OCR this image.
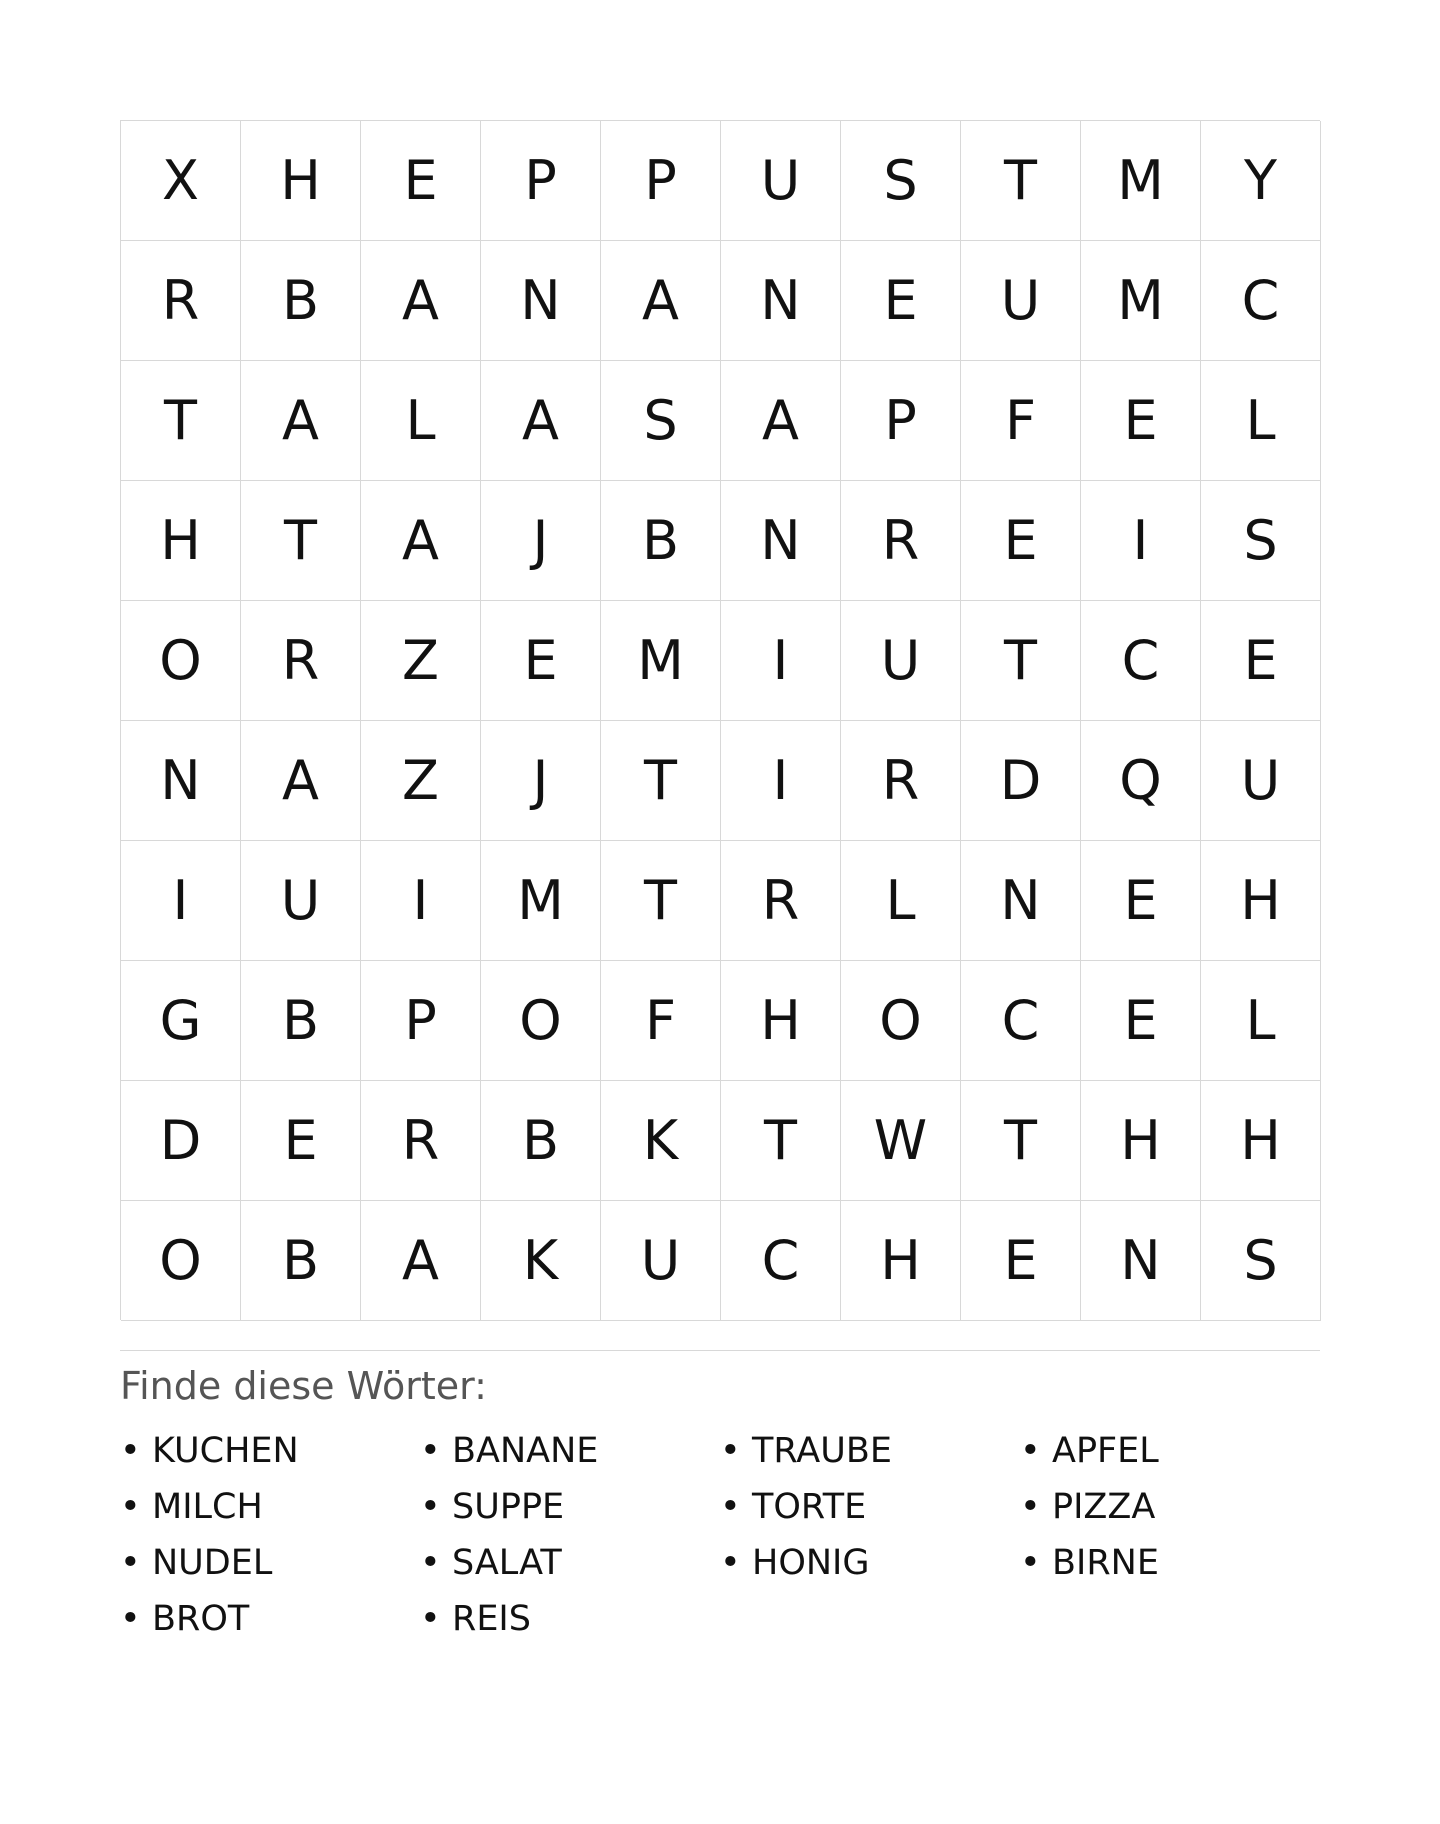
X	H	E	P	P	U	S	T	M	Y
R	B	A	N	A	N	E	U	M	C
T	A	L	A	S	A	P	F	E	L
H	T	A	J	B	N	R	E	I	S
O	R	Z	E	M	I	U	T	C	E
N	A	Z	J	T	I	R	D	Q	U
I	U	I	M	T	R	L	N	E	H
G	B	P	O	F	H	O	C	E	L
D	E	R	B	K	T	W	T	H	H
O	B	A	K	U	C	H	E	N	S
Finde diese Wörter:
• KUCHEN	• BANANE	• TRAUBE	• APFEL
• MILCH	• SUPPE	• TORTE	• PIZZA
• NUDEL	• SALAT	• HONIG	• BIRNE
• BROT	• REIS
